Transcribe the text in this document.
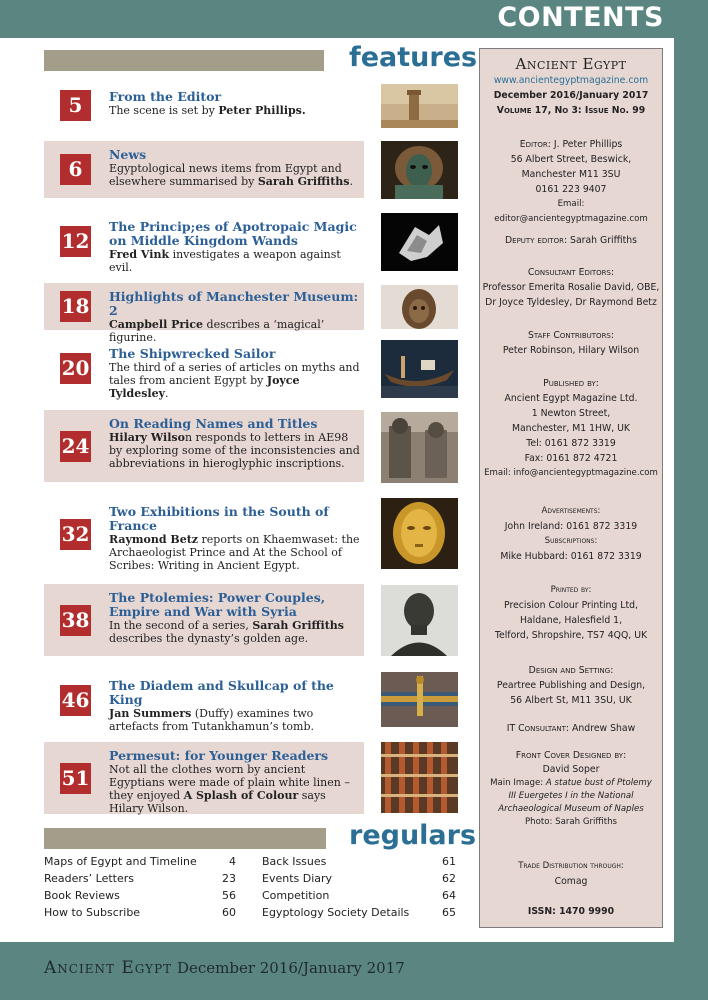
CONTENTS
features
5	From the Editor
The scene is set by Peter Phillips.
6
News
Egyptological news items from Egypt and elsewhere summarised by Sarah Griffiths.
12
The Princip;es of Apotropaic Magic on Middle Kingdom Wands
Fred Vink investigates a weapon against evil.
18 Highlights of Manchester Museum: 2
Campbell Price describes a ‘magical’ figurine.
20
The Shipwrecked Sailor
The third of a series of articles on myths and tales from ancient Egypt by Joyce Tyldesley.
24
On Reading Names and Titles
Hilary Wilson responds to letters in AE98 by exploring some of the inconsistencies and abbreviations in hieroglyphic inscriptions.
32
Two Exhibitions in the South of France
Raymond Betz reports on Khaemwaset: the Archaeologist Prince and At the School of Scribes: Writing in Ancient Egypt.
38
The Ptolemies: Power Couples, Empire and War with Syria
In the second of a series, Sarah Griffiths describes the dynasty’s golden age.
46
The Diadem and Skullcap of the King
Jan Summers (Duffy) examines two artefacts from Tutankhamun’s tomb.
51
Permesut: for Younger Readers
Not all the clothes worn by ancient Egyptians were made of plain white linen – they enjoyed A Splash of Colour says Hilary Wilson.
regulars
Maps of Egypt and Timeline	4
Readers’ Letters	23
Book Reviews	56
How to Subscribe	60
Back Issues	61
Events Diary	62
Competition	64
Egyptology Society Details	65
Ancient Egypt
www.ancientegyptmagazine.com
December 2016/January 2017
Volume 17, No 3: Issue No. 99
Editor: J. Peter Phillips
56 Albert Street, Beswick,
Manchester M11 3SU
0161 223 9407
Email: editor@ancientegyptmagazine.com
Deputy editor: Sarah Griffiths
Consultant Editors:
Professor Emerita Rosalie David, OBE,
Dr Joyce Tyldesley, Dr Raymond Betz
Staff Contributors:
Peter Robinson, Hilary Wilson
Published by:
Ancient Egypt Magazine Ltd.
1 Newton Street,
Manchester, M1 1HW, UK
Tel: 0161 872 3319
Fax: 0161 872 4721
Email: info@ancientegyptmagazine.com
Advertisements:
John Ireland: 0161 872 3319
Subscriptions:
Mike Hubbard: 0161 872 3319
Printed by:
Precision Colour Printing Ltd,
Haldane, Halesfield 1,
Telford, Shropshire, TS7 4QQ, UK
Design and Setting:
Peartree Publishing and Design,
56 Albert St, M11 3SU, UK
IT Consultant: Andrew Shaw
Front Cover Designed by:
David Soper
Main Image: A statue bust of Ptolemy III Euergetes I in the National Archaeological Museum of Naples
Photo: Sarah Griffiths
Trade Distribution through:
Comag
ISSN: 1470 9990
Ancient Egypt December 2016/January 2017
